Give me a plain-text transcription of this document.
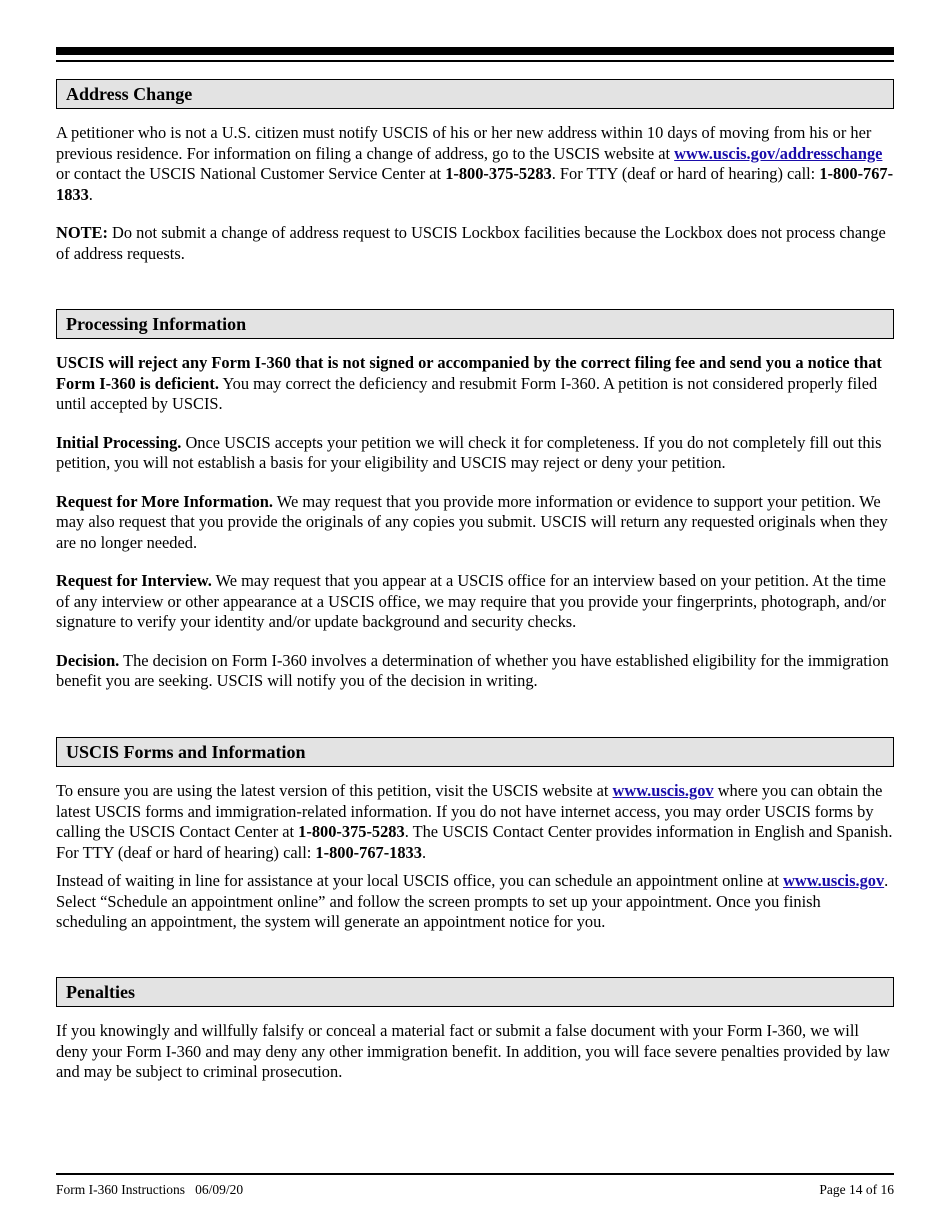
Address Change

A petitioner who is not a U.S. citizen must notify USCIS of his or her new address within 10 days of moving from his or her previous residence. For information on filing a change of address, go to the USCIS website at www.uscis.gov/addresschange or contact the USCIS National Customer Service Center at 1-800-375-5283. For TTY (deaf or hard of hearing) call: 1-800-767-1833.

NOTE: Do not submit a change of address request to USCIS Lockbox facilities because the Lockbox does not process change of address requests.

Processing Information

USCIS will reject any Form I-360 that is not signed or accompanied by the correct filing fee and send you a notice that Form I-360 is deficient. You may correct the deficiency and resubmit Form I-360. A petition is not considered properly filed until accepted by USCIS.

Initial Processing. Once USCIS accepts your petition we will check it for completeness. If you do not completely fill out this petition, you will not establish a basis for your eligibility and USCIS may reject or deny your petition.

Request for More Information. We may request that you provide more information or evidence to support your petition. We may also request that you provide the originals of any copies you submit. USCIS will return any requested originals when they are no longer needed.

Request for Interview. We may request that you appear at a USCIS office for an interview based on your petition. At the time of any interview or other appearance at a USCIS office, we may require that you provide your fingerprints, photograph, and/or signature to verify your identity and/or update background and security checks.

Decision. The decision on Form I-360 involves a determination of whether you have established eligibility for the immigration benefit you are seeking. USCIS will notify you of the decision in writing.

USCIS Forms and Information

To ensure you are using the latest version of this petition, visit the USCIS website at www.uscis.gov where you can obtain the latest USCIS forms and immigration-related information. If you do not have internet access, you may order USCIS forms by calling the USCIS Contact Center at 1-800-375-5283. The USCIS Contact Center provides information in English and Spanish. For TTY (deaf or hard of hearing) call: 1-800-767-1833.

Instead of waiting in line for assistance at your local USCIS office, you can schedule an appointment online at www.uscis.gov. Select “Schedule an appointment online” and follow the screen prompts to set up your appointment. Once you finish scheduling an appointment, the system will generate an appointment notice for you.

Penalties

If you knowingly and willfully falsify or conceal a material fact or submit a false document with your Form I-360, we will deny your Form I-360 and may deny any other immigration benefit. In addition, you will face severe penalties provided by law and may be subject to criminal prosecution.

Form I-360 Instructions   06/09/20	Page 14 of 16
